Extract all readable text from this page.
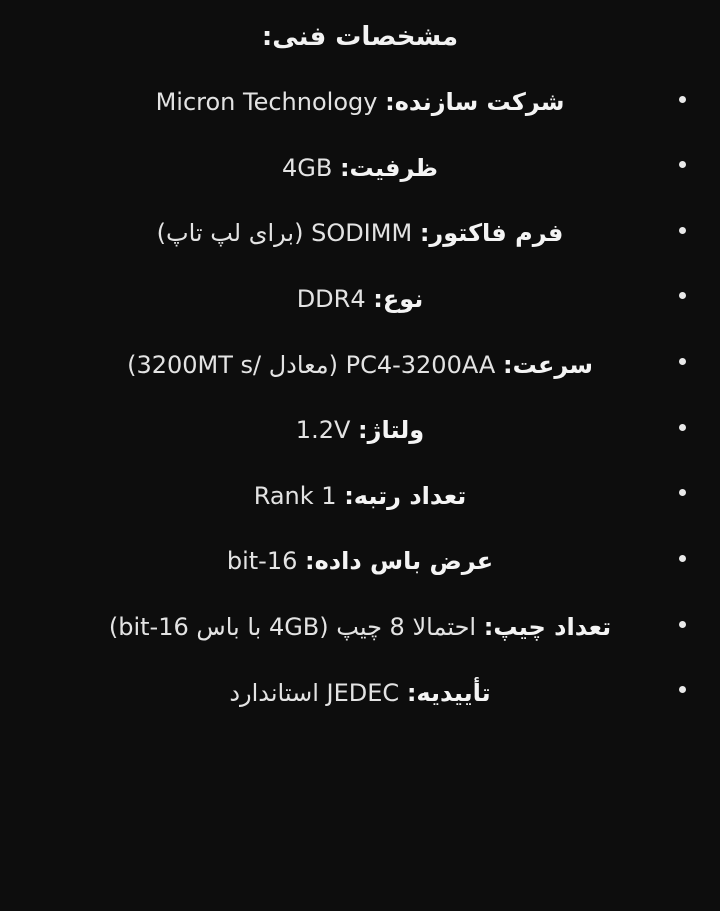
مشخصات فنی:
شرکت سازنده: Micron Technology
ظرفیت: 4GB
فرم فاکتور: SODIMM (برای لپ تاپ)
نوع: DDR4
سرعت: PC4-3200AA (معادل /3200MT s)
ولتاژ: 1.2V
تعداد رتبه: Rank 1
عرض باس داده: 16-bit
تعداد چیپ: احتمالا 8 چیپ (4GB با باس 16-bit)
تأییدیه: JEDEC استاندارد
